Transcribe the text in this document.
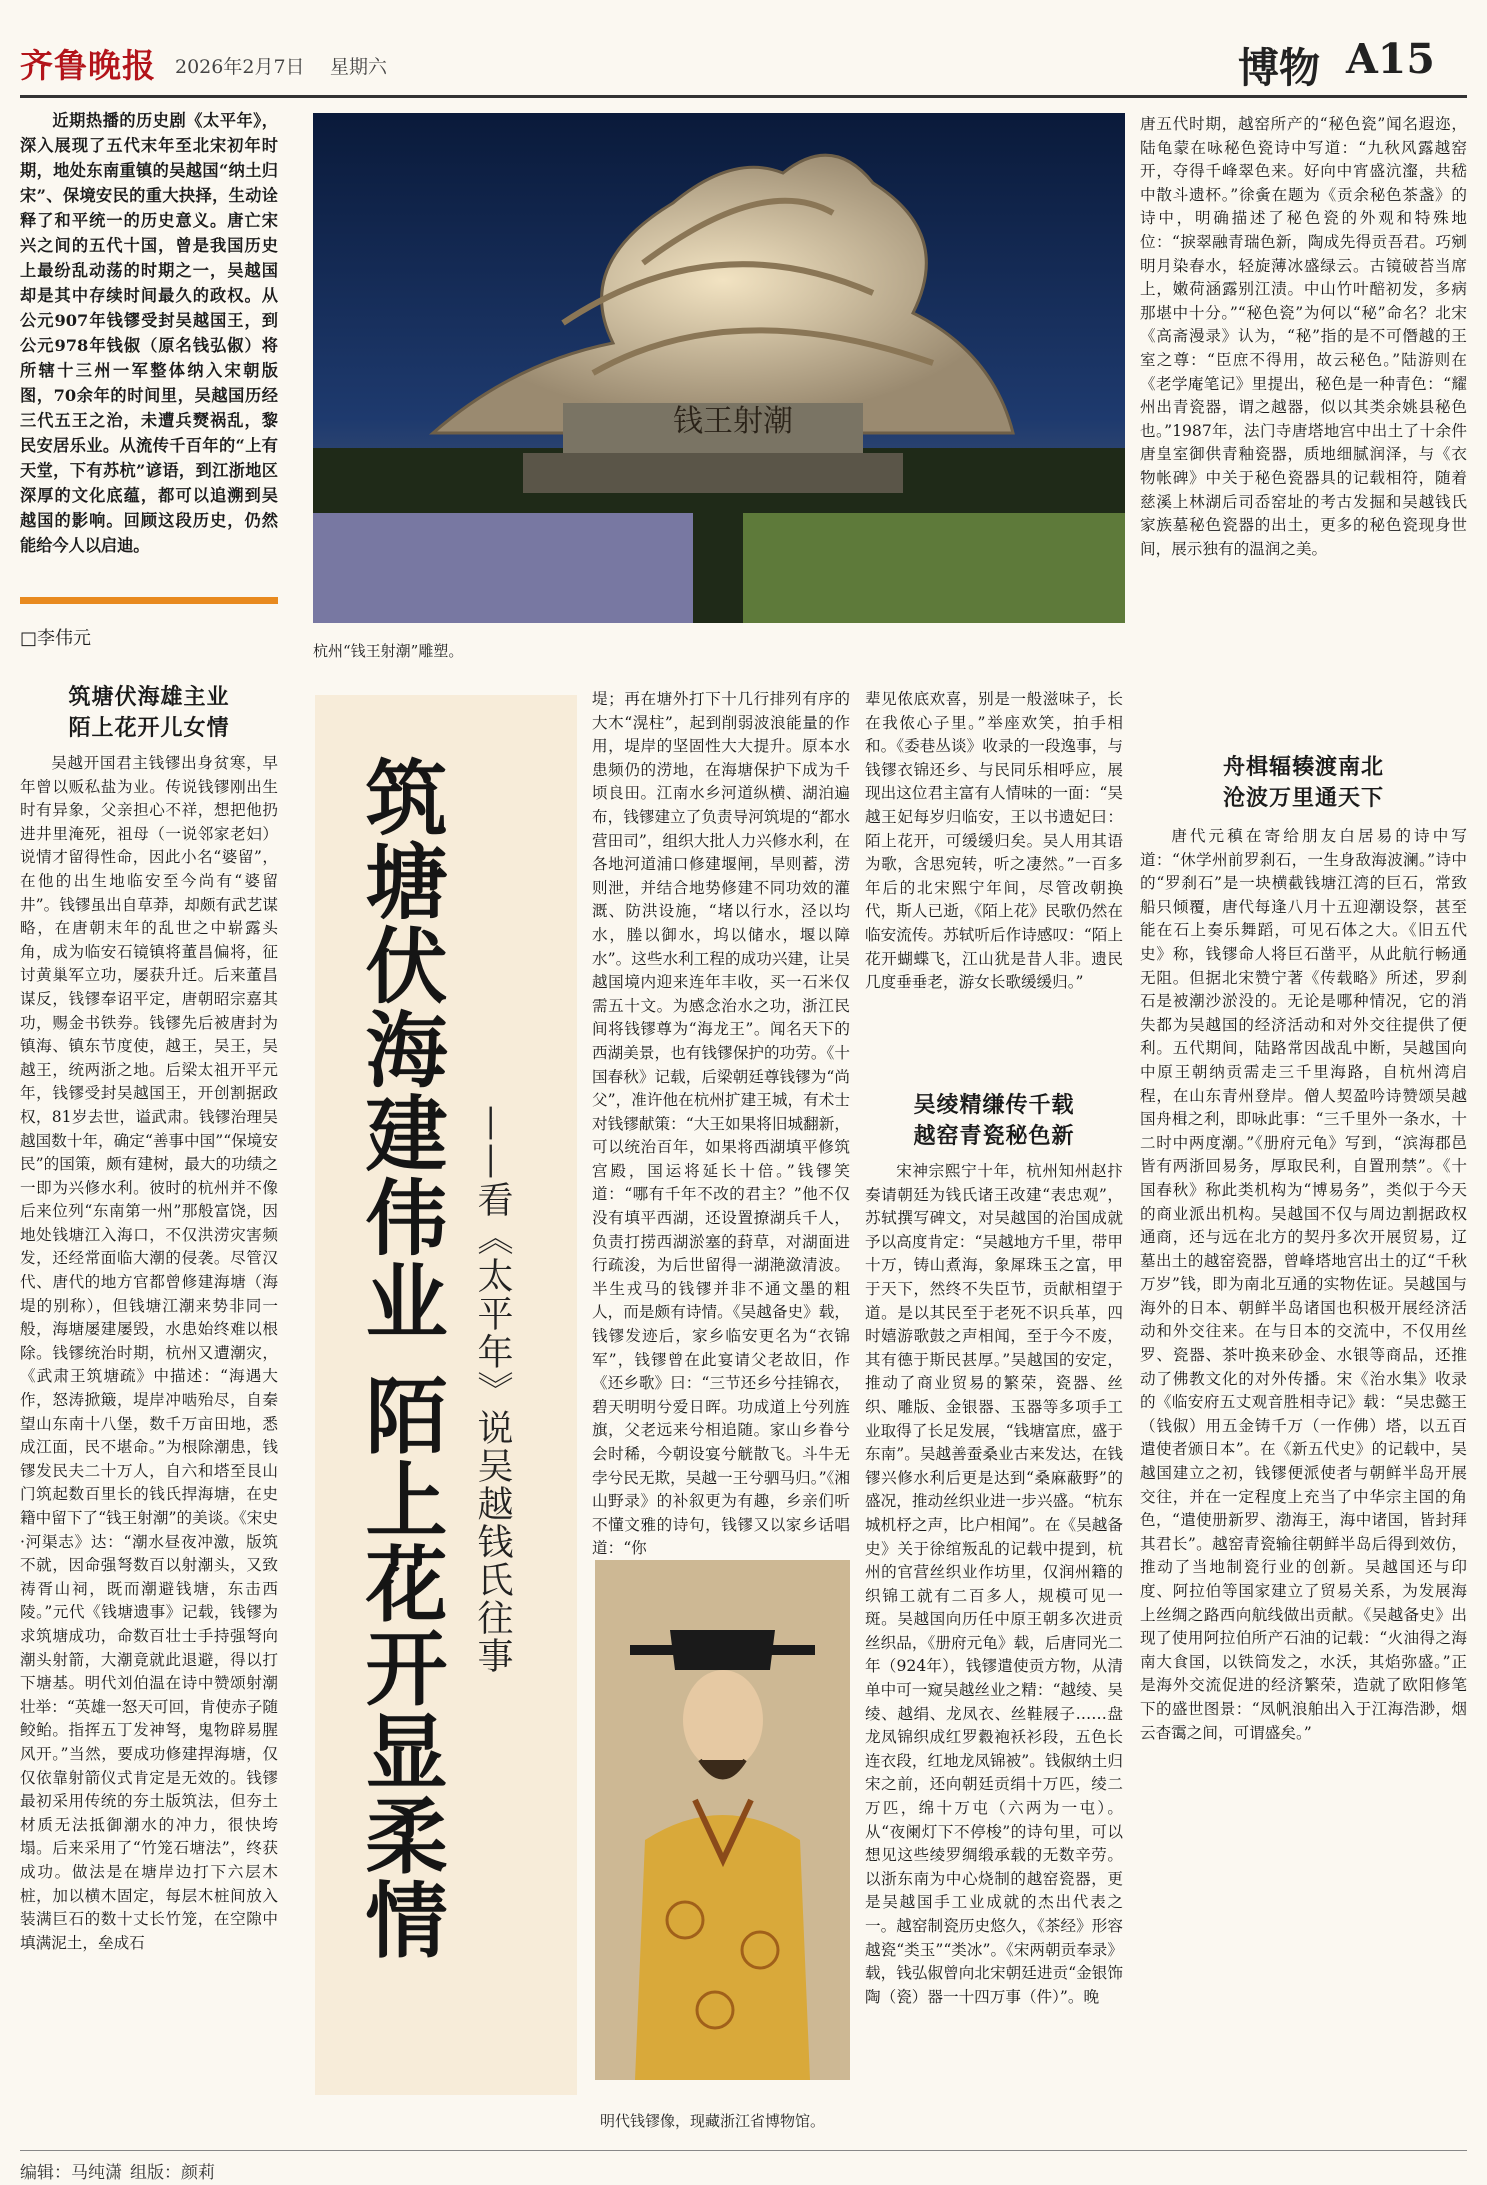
齐鲁晚报 2026年2月7日 星期六	博物 A15

近期热播的历史剧《太平年》，深入展现了五代末年至北宋初年时期，地处东南重镇的吴越国“纳土归宋”、保境安民的重大抉择，生动诠释了和平统一的历史意义。唐亡宋兴之间的五代十国，曾是我国历史上最纷乱动荡的时期之一，吴越国却是其中存续时间最久的政权。从公元907年钱镠受封吴越国王，到公元978年钱俶（原名钱弘俶）将所辖十三州一军整体纳入宋朝版图，70余年的时间里，吴越国历经三代五王之治，未遭兵燹祸乱，黎民安居乐业。从流传千百年的“上有天堂，下有苏杭”谚语，到江浙地区深厚的文化底蕴，都可以追溯到吴越国的影响。回顾这段历史，仍然能给今人以启迪。

□李伟元
钱王射潮
杭州“钱王射潮”雕塑。
筑塘伏海雄主业
陌上花开儿女情

吴越开国君主钱镠出身贫寒，早年曾以贩私盐为业。传说钱镠刚出生时有异象，父亲担心不祥，想把他扔进井里淹死，祖母（一说邻家老妇）说情才留得性命，因此小名“婆留”，在他的出生地临安至今尚有“婆留井”。钱镠虽出自草莽，却颇有武艺谋略，在唐朝末年的乱世之中崭露头角，成为临安石镜镇将董昌偏将，征讨黄巢军立功，屡获升迁。后来董昌谋反，钱镠奉诏平定，唐朝昭宗嘉其功，赐金书铁券。钱镠先后被唐封为镇海、镇东节度使，越王，吴王，吴越王，统两浙之地。后梁太祖开平元年，钱镠受封吴越国王，开创割据政权，81岁去世，谥武肃。钱镠治理吴越国数十年，确定“善事中国”“保境安民”的国策，颇有建树，最大的功绩之一即为兴修水利。彼时的杭州并不像后来位列“东南第一州”那般富饶，因地处钱塘江入海口，不仅洪涝灾害频发，还经常面临大潮的侵袭。尽管汉代、唐代的地方官都曾修建海塘（海堤的别称），但钱塘江潮来势非同一般，海塘屡建屡毁，水患始终难以根除。钱镠统治时期，杭州又遭潮灾，《武肃王筑塘疏》中描述：“海遇大作，怒涛掀簸，堤岸冲啮殆尽，自秦望山东南十八堡，数千万亩田地，悉成江面，民不堪命。”为根除潮患，钱镠发民夫二十万人，自六和塔至艮山门筑起数百里长的钱氏捍海塘，在史籍中留下了“钱王射潮”的美谈。《宋史·河渠志》达：“潮水昼夜冲激，版筑不就，因命强弩数百以射潮头，又致祷胥山祠，既而潮避钱塘，东击西陵。”元代《钱塘遗事》记载，钱镠为求筑塘成功，命数百壮士手持强弩向潮头射箭，大潮竟就此退避，得以打下塘基。明代刘伯温在诗中赞颂射潮壮举：“英雄一怒天可回，肯使赤子随鲛鲐。指挥五丁发神弩，鬼物辟易腥风开。”当然，要成功修建捍海塘，仅仅依靠射箭仪式肯定是无效的。钱镠最初采用传统的夯土版筑法，但夯土材质无法抵御潮水的冲力，很快垮塌。后来采用了“竹笼石塘法”，终获成功。做法是在塘岸边打下六层木桩，加以横木固定，每层木桩间放入装满巨石的数十丈长竹笼，在空隙中填满泥土，垒成石	筑塘伏海建伟业 陌上花开显柔情 ——看《太平年》说吴越钱氏往事

堤；再在塘外打下十几行排列有序的大木“滉柱”，起到削弱波浪能量的作用，堤岸的坚固性大大提升。原本水患频仍的涝地，在海塘保护下成为千顷良田。江南水乡河道纵横、湖泊遍布，钱镠建立了负责导河筑堤的“都水营田司”，组织大批人力兴修水利，在各地河道浦口修建堰闸，旱则蓄，涝则泄，并结合地势修建不同功效的灌溉、防洪设施，“堵以行水，泾以均水，塍以御水，坞以储水，堰以障水”。这些水利工程的成功兴建，让吴越国境内迎来连年丰收，买一石米仅需五十文。为感念治水之功，浙江民间将钱镠尊为“海龙王”。闻名天下的西湖美景，也有钱镠保护的功劳。《十国春秋》记载，后梁朝廷尊钱镠为“尚父”，准许他在杭州扩建王城，有术士对钱镠献策：“大王如果将旧城翻新，可以统治百年，如果将西湖填平修筑宫殿，国运将延长十倍。”钱镠笑道：“哪有千年不改的君主？”他不仅没有填平西湖，还设置撩湖兵千人，负责打捞西湖淤塞的葑草，对湖面进行疏浚，为后世留得一湖滟潋清波。半生戎马的钱镠并非不通文墨的粗人，而是颇有诗情。《吴越备史》载，钱镠发迹后，家乡临安更名为“衣锦军”，钱镠曾在此宴请父老故旧，作《还乡歌》曰：“三节还乡兮挂锦衣，碧天明明兮爱日晖。功成道上兮列旌旗，父老远来兮相追随。家山乡眷兮会时稀，今朝设宴兮觥散飞。斗牛无孛兮民无欺，吴越一王兮驷马归。”《湘山野录》的补叙更为有趣，乡亲们听不懂文雅的诗句，钱镠又以家乡话唱道：“你

辈见侬底欢喜，别是一般滋味子，长在我侬心子里。”举座欢笑，拍手相和。《委巷丛谈》收录的一段逸事，与钱镠衣锦还乡、与民同乐相呼应，展现出这位君主富有人情味的一面：“吴越王妃每岁归临安，王以书遗妃曰：陌上花开，可缓缓归矣。吴人用其语为歌，含思宛转，听之凄然。”一百多年后的北宋熙宁年间，尽管改朝换代，斯人已逝，《陌上花》民歌仍然在临安流传。苏轼听后作诗感叹：“陌上花开蝴蝶飞，江山犹是昔人非。遗民几度垂垂老，游女长歌缓缓归。”

吴绫精缣传千载
越窑青瓷秘色新

宋神宗熙宁十年，杭州知州赵抃奏请朝廷为钱氏诸王改建“表忠观”，苏轼撰写碑文，对吴越国的治国成就予以高度肯定：“吴越地方千里，带甲十万，铸山煮海，象犀珠玉之富，甲于天下，然终不失臣节，贡献相望于道。是以其民至于老死不识兵革，四时嬉游歌鼓之声相闻，至于今不废，其有德于斯民甚厚。”吴越国的安定，推动了商业贸易的繁荣，瓷器、丝织、雕版、金银器、玉器等多项手工业取得了长足发展，“钱塘富庶，盛于东南”。吴越善蚕桑业古来发达，在钱镠兴修水利后更是达到“桑麻蔽野”的盛况，推动丝织业进一步兴盛。“杭东城机杼之声，比户相闻”。在《吴越备史》关于徐绾叛乱的记载中提到，杭州的官营丝织业作坊里，仅润州籍的织锦工就有二百多人，规模可见一斑。吴越国向历任中原王朝多次进贡丝织品，《册府元龟》载，后唐同光二年（924年），钱镠遣使贡方物，从清单中可一窥吴越丝业之精：“越绫、吴绫、越绢、龙凤衣、丝鞋屐子……盘龙凤锦织成红罗縠袍袄衫段，五色长连衣段，红地龙凤锦被”。钱俶纳土归宋之前，还向朝廷贡绢十万匹，绫二万匹，绵十万屯（六两为一屯）。从“夜阑灯下不停梭”的诗句里，可以想见这些绫罗绸缎承载的无数辛劳。以浙东南为中心烧制的越窑瓷器，更是吴越国手工业成就的杰出代表之一。越窑制瓷历史悠久，《茶经》形容越瓷“类玉”“类冰”。《宋两朝贡奉录》载，钱弘俶曾向北宋朝廷进贡“金银饰陶（瓷）器一十四万事（件）”。晚

明代钱镠像，现藏浙江省博物馆。

唐五代时期，越窑所产的“秘色瓷”闻名遐迩，陆龟蒙在咏秘色瓷诗中写道：“九秋风露越窑开，夺得千峰翠色来。好向中宵盛沆瀣，共嵇中散斗遗杯。”徐夤在题为《贡余秘色茶盏》的诗中，明确描述了秘色瓷的外观和特殊地位：“捩翠融青瑞色新，陶成先得贡吾君。巧剜明月染春水，轻旋薄冰盛绿云。古镜破苔当席上，嫩荷涵露别江渍。中山竹叶醅初发，多病那堪中十分。”“秘色瓷”为何以“秘”命名？北宋《高斋漫录》认为，“秘”指的是不可僭越的王室之尊：“臣庶不得用，故云秘色。”陆游则在《老学庵笔记》里提出，秘色是一种青色：“耀州出青瓷器，谓之越器，似以其类余姚县秘色也。”1987年，法门寺唐塔地宫中出土了十余件唐皇室御供青釉瓷器，质地细腻润泽，与《衣物帐碑》中关于秘色瓷器具的记载相符，随着慈溪上林湖后司岙窑址的考古发掘和吴越钱氏家族墓秘色瓷器的出土，更多的秘色瓷现身世间，展示独有的温润之美。

舟楫辐辏渡南北
沧波万里通天下

唐代元稹在寄给朋友白居易的诗中写道：“休学州前罗刹石，一生身敌海波澜。”诗中的“罗刹石”是一块横截钱塘江湾的巨石，常致船只倾覆，唐代每逢八月十五迎潮设祭，甚至能在石上奏乐舞蹈，可见石体之大。《旧五代史》称，钱镠命人将巨石凿平，从此航行畅通无阻。但据北宋赞宁著《传载略》所述，罗刹石是被潮沙淤没的。无论是哪种情况，它的消失都为吴越国的经济活动和对外交往提供了便利。五代期间，陆路常因战乱中断，吴越国向中原王朝纳贡需走三千里海路，自杭州湾启程，在山东青州登岸。僧人契盈吟诗赞颂吴越国舟楫之利，即咏此事：“三千里外一条水，十二时中两度潮。”《册府元龟》写到，“滨海郡邑皆有两浙回易务，厚取民利，自置刑禁”。《十国春秋》称此类机构为“博易务”，类似于今天的商业派出机构。吴越国不仅与周边割据政权通商，还与远在北方的契丹多次开展贸易，辽墓出土的越窑瓷器，曾峰塔地宫出土的辽“千秋万岁”钱，即为南北互通的实物佐证。吴越国与海外的日本、朝鲜半岛诸国也积极开展经济活动和外交往来。在与日本的交流中，不仅用丝罗、瓷器、茶叶换来砂金、水银等商品，还推动了佛教文化的对外传播。宋《治水集》收录的《临安府五丈观音胜相寺记》载：“吴忠懿王（钱俶）用五金铸千万（一作佛）塔，以五百遣使者颁日本”。在《新五代史》的记载中，吴越国建立之初，钱镠便派使者与朝鲜半岛开展交往，并在一定程度上充当了中华宗主国的角色，“遣使册新罗、渤海王，海中诸国，皆封拜其君长”。越窑青瓷输往朝鲜半岛后得到效仿，推动了当地制瓷行业的创新。吴越国还与印度、阿拉伯等国家建立了贸易关系，为发展海上丝绸之路西向航线做出贡献。《吴越备史》出现了使用阿拉伯所产石油的记载：“火油得之海南大食国，以铁筒发之，水沃，其焰弥盛。”正是海外交流促进的经济繁荣，造就了欧阳修笔下的盛世图景：“凤帆浪舶出入于江海浩渺，烟云杳霭之间，可谓盛矣。”

编辑：马纯潇 组版：颜莉
